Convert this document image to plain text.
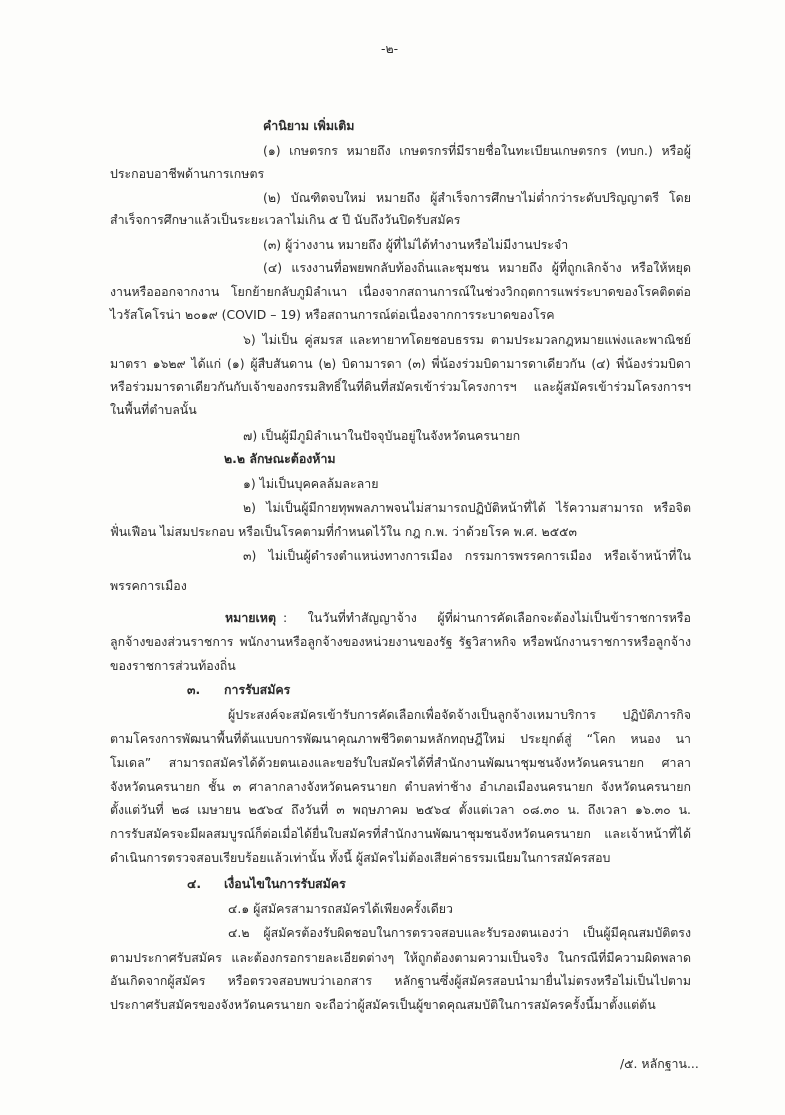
-๒-
คำนิยาม เพิ่มเติม
(๑) เกษตรกร หมายถึง เกษตรกรที่มีรายชื่อในทะเบียนเกษตรกร (ทบก.) หรือผู้
ประกอบอาชีพด้านการเกษตร
(๒) บัณฑิตจบใหม่ หมายถึง ผู้สำเร็จการศึกษาไม่ต่ำกว่าระดับปริญญาตรี โดย
สำเร็จการศึกษาแล้วเป็นระยะเวลาไม่เกิน ๕ ปี นับถึงวันปิดรับสมัคร
(๓) ผู้ว่างงาน หมายถึง ผู้ที่ไม่ได้ทำงานหรือไม่มีงานประจำ
(๔) แรงงานที่อพยพกลับท้องถิ่นและชุมชน หมายถึง ผู้ที่ถูกเลิกจ้าง หรือให้หยุด
งานหรือออกจากงาน โยกย้ายกลับภูมิลำเนา เนื่องจากสถานการณ์ในช่วงวิกฤตการแพร่ระบาดของโรคติดต่อ
ไวรัสโคโรน่า ๒๐๑๙ (COVID – 19) หรือสถานการณ์ต่อเนื่องจากการระบาดของโรค
๖) ไม่เป็น คู่สมรส และทายาทโดยชอบธรรม ตามประมวลกฎหมายแพ่งและพาณิชย์
มาตรา ๑๖๒๙ ได้แก่ (๑) ผู้สืบสันดาน (๒) บิดามารดา (๓) พี่น้องร่วมบิดามารดาเดียวกัน (๔) พี่น้องร่วมบิดา
หรือร่วมมารดาเดียวกันกับเจ้าของกรรมสิทธิ์ในที่ดินที่สมัครเข้าร่วมโครงการฯ และผู้สมัครเข้าร่วมโครงการฯ
ในพื้นที่ตำบลนั้น
๗) เป็นผู้มีภูมิลำเนาในปัจจุบันอยู่ในจังหวัดนครนายก
๒.๒ ลักษณะต้องห้าม
๑) ไม่เป็นบุคคลล้มละลาย
๒) ไม่เป็นผู้มีกายทุพพลภาพจนไม่สามารถปฏิบัติหน้าที่ได้ ไร้ความสามารถ หรือจิต
ฟั่นเฟือน ไม่สมประกอบ หรือเป็นโรคตามที่กำหนดไว้ใน กฎ ก.พ. ว่าด้วยโรค พ.ศ. ๒๕๕๓
๓) ไม่เป็นผู้ดำรงตำแหน่งทางการเมือง กรรมการพรรคการเมือง หรือเจ้าหน้าที่ใน
พรรคการเมือง
หมายเหตุ : ในวันที่ทำสัญญาจ้าง ผู้ที่ผ่านการคัดเลือกจะต้องไม่เป็นข้าราชการหรือ
ลูกจ้างของส่วนราชการ พนักงานหรือลูกจ้างของหน่วยงานของรัฐ รัฐวิสาหกิจ หรือพนักงานราชการหรือลูกจ้าง
ของราชการส่วนท้องถิ่น
๓. การรับสมัคร
ผู้ประสงค์จะสมัครเข้ารับการคัดเลือกเพื่อจัดจ้างเป็นลูกจ้างเหมาบริการ ปฏิบัติภารกิจ
ตามโครงการพัฒนาพื้นที่ต้นแบบการพัฒนาคุณภาพชีวิตตามหลักทฤษฎีใหม่ ประยุกต์สู่ “โคก หนอง นา
โมเดล” สามารถสมัครได้ด้วยตนเองและขอรับใบสมัครได้ที่สำนักงานพัฒนาชุมชนจังหวัดนครนายก ศาลา
จังหวัดนครนายก ชั้น ๓ ศาลากลางจังหวัดนครนายก ตำบลท่าช้าง อำเภอเมืองนครนายก จังหวัดนครนายก
ตั้งแต่วันที่ ๒๘ เมษายน ๒๕๖๔ ถึงวันที่ ๓ พฤษภาคม ๒๕๖๔ ตั้งแต่เวลา ๐๘.๓๐ น. ถึงเวลา ๑๖.๓๐ น.
การรับสมัครจะมีผลสมบูรณ์ก็ต่อเมื่อได้ยื่นใบสมัครที่สำนักงานพัฒนาชุมชนจังหวัดนครนายก และเจ้าหน้าที่ได้
ดำเนินการตรวจสอบเรียบร้อยแล้วเท่านั้น ทั้งนี้ ผู้สมัครไม่ต้องเสียค่าธรรมเนียมในการสมัครสอบ
๔. เงื่อนไขในการรับสมัคร
๔.๑ ผู้สมัครสามารถสมัครได้เพียงครั้งเดียว
๔.๒ ผู้สมัครต้องรับผิดชอบในการตรวจสอบและรับรองตนเองว่า เป็นผู้มีคุณสมบัติตรง
ตามประกาศรับสมัคร และต้องกรอกรายละเอียดต่างๆ ให้ถูกต้องตามความเป็นจริง ในกรณีที่มีความผิดพลาด
อันเกิดจากผู้สมัคร หรือตรวจสอบพบว่าเอกสาร หลักฐานซึ่งผู้สมัครสอบนำมายื่นไม่ตรงหรือไม่เป็นไปตาม
ประกาศรับสมัครของจังหวัดนครนายก จะถือว่าผู้สมัครเป็นผู้ขาดคุณสมบัติในการสมัครครั้งนี้มาตั้งแต่ต้น
/๕. หลักฐาน...
